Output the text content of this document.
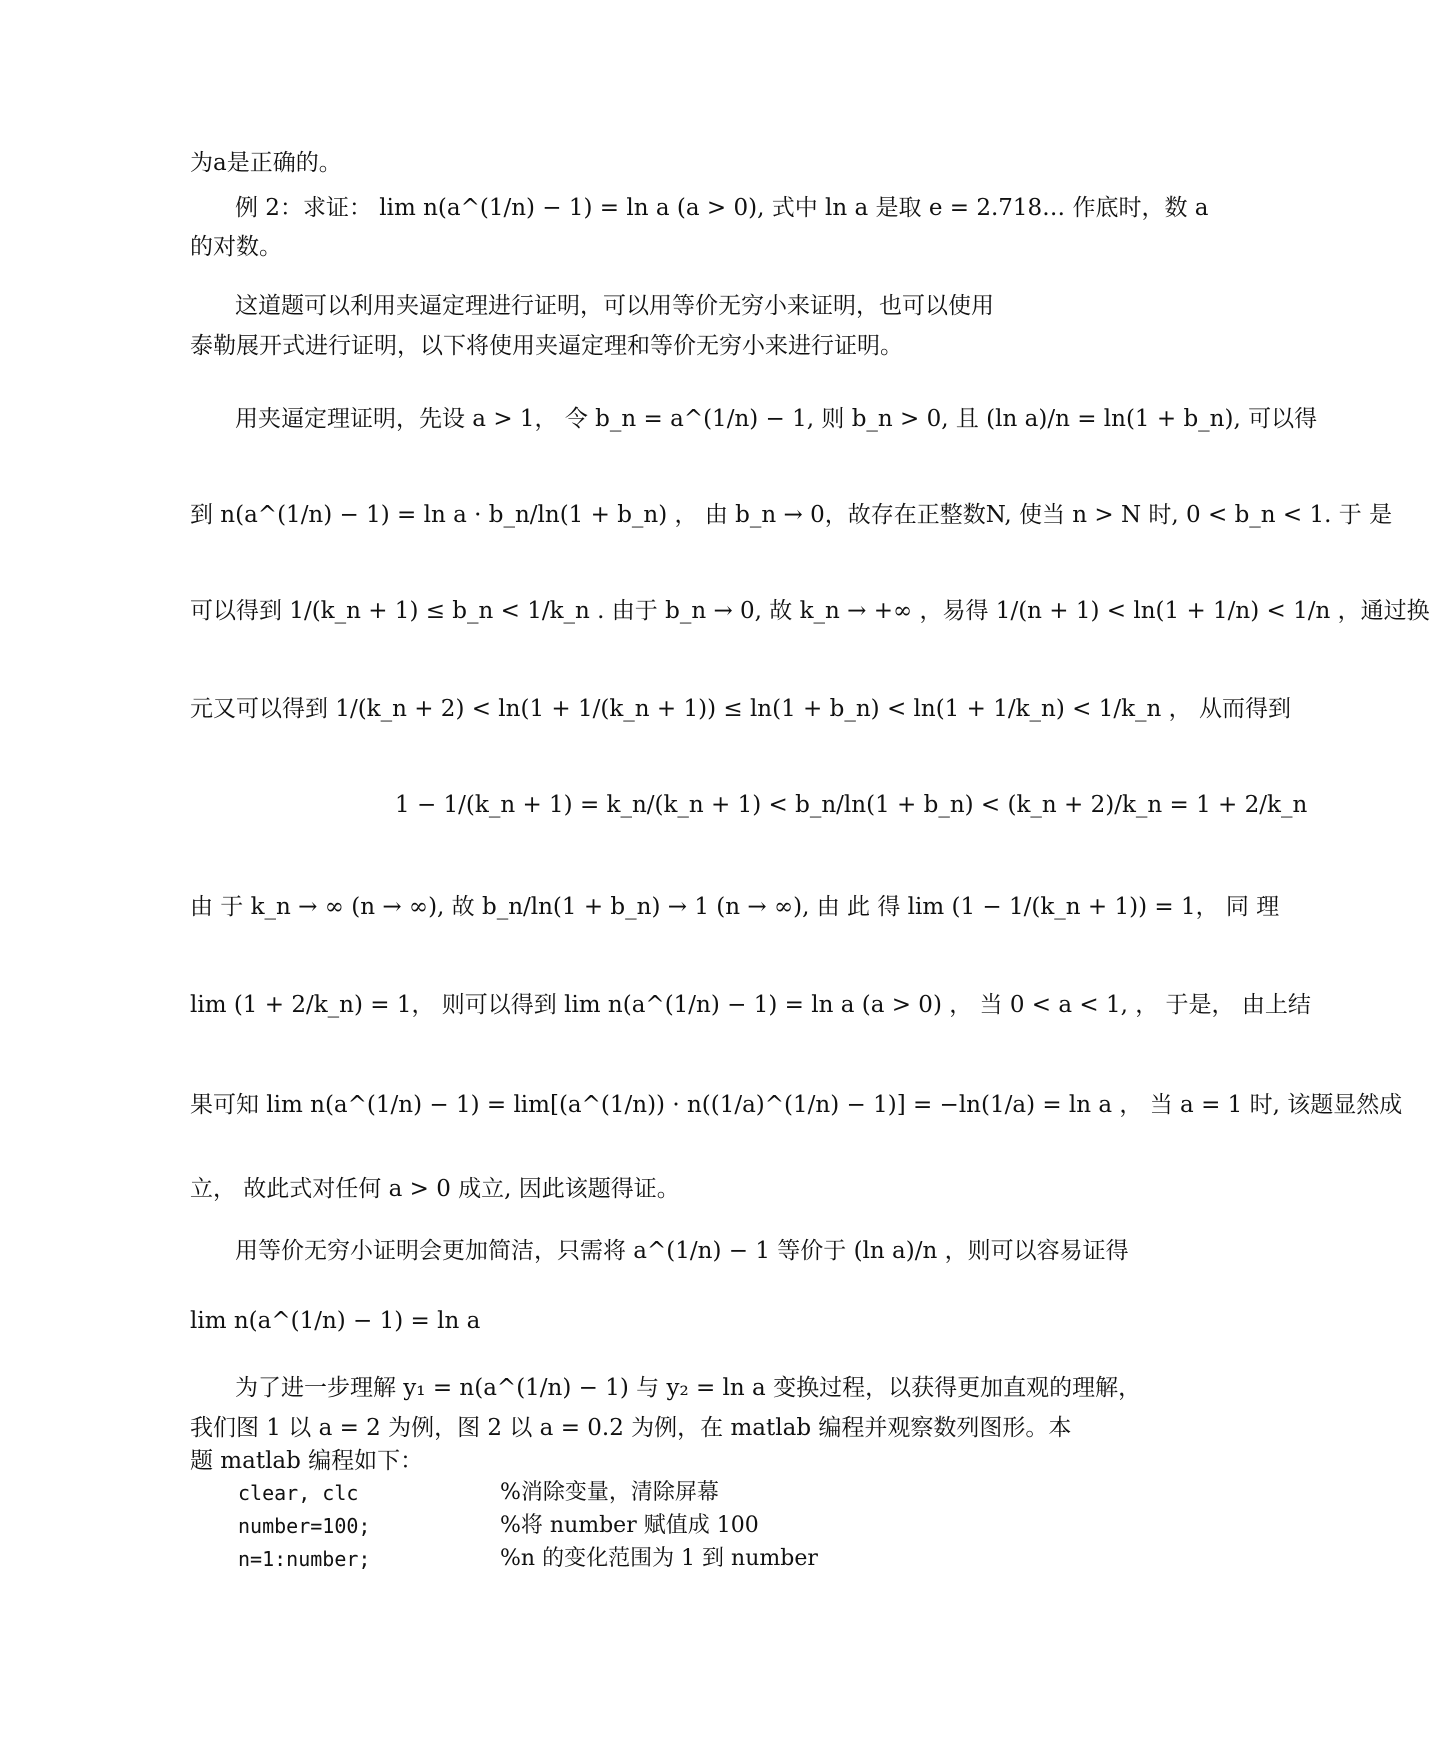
为a是正确的。
例 2：求证： lim n(a^(1/n) − 1) = ln a (a > 0), 式中 ln a 是取 e = 2.718… 作底时，数 a
的对数。
这道题可以利用夹逼定理进行证明，可以用等价无穷小来证明，也可以使用
泰勒展开式进行证明，以下将使用夹逼定理和等价无穷小来进行证明。
用夹逼定理证明，先设 a > 1， 令 b_n = a^(1/n) − 1, 则 b_n > 0, 且 (ln a)/n = ln(1 + b_n), 可以得
到 n(a^(1/n) − 1) = ln a · b_n/ln(1 + b_n) ， 由 b_n → 0，故存在正整数N, 使当 n > N 时, 0 < b_n < 1. 于 是
可以得到 1/(k_n + 1) ≤ b_n < 1/k_n . 由于 b_n → 0, 故 k_n → +∞ ，易得 1/(n + 1) < ln(1 + 1/n) < 1/n ，通过换
元又可以得到 1/(k_n + 2) < ln(1 + 1/(k_n + 1)) ≤ ln(1 + b_n) < ln(1 + 1/k_n) < 1/k_n ， 从而得到
1 − 1/(k_n + 1) = k_n/(k_n + 1) < b_n/ln(1 + b_n) < (k_n + 2)/k_n = 1 + 2/k_n
由 于 k_n → ∞ (n → ∞), 故 b_n/ln(1 + b_n) → 1 (n → ∞), 由 此 得 lim (1 − 1/(k_n + 1)) = 1， 同 理
lim (1 + 2/k_n) = 1， 则可以得到 lim n(a^(1/n) − 1) = ln a (a > 0) ， 当 0 < a < 1, ， 于是， 由上结
果可知 lim n(a^(1/n) − 1) = lim[(a^(1/n)) · n((1/a)^(1/n) − 1)] = −ln(1/a) = ln a ， 当 a = 1 时, 该题显然成
立， 故此式对任何 a > 0 成立, 因此该题得证。
用等价无穷小证明会更加简洁，只需将 a^(1/n) − 1 等价于 (ln a)/n ，则可以容易证得
lim n(a^(1/n) − 1) = ln a
为了进一步理解 y₁ = n(a^(1/n) − 1) 与 y₂ = ln a 变换过程，以获得更加直观的理解，
我们图 1 以 a = 2 为例，图 2 以 a = 0.2 为例，在 matlab 编程并观察数列图形。本
题 matlab 编程如下：
clear, clc	%消除变量，清除屏幕
number=100;	%将 number 赋值成 100
n=1:number;	%n 的变化范围为 1 到 number
